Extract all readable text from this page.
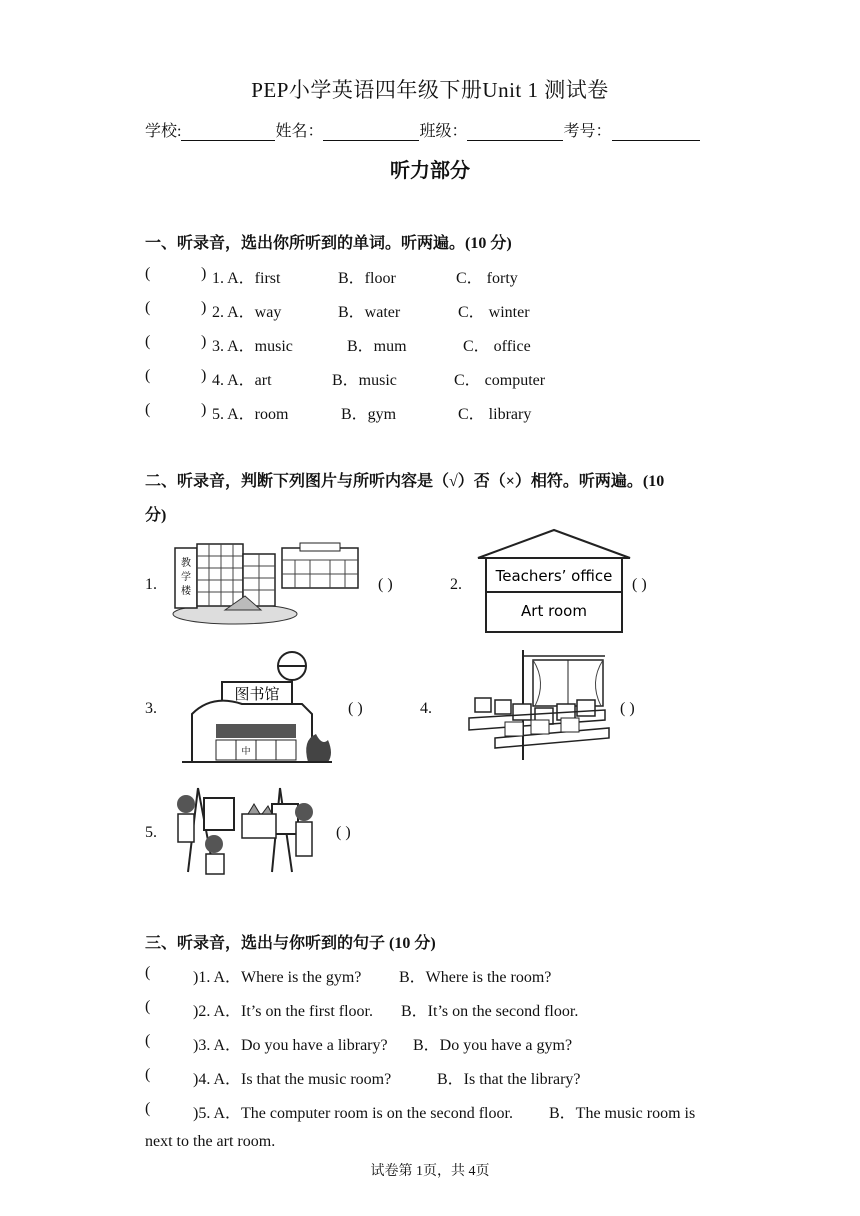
PEP小学英语四年级下册Unit 1 测试卷
学校:	姓名：	班级：	考号：
听力部分
一、听录音，选出你所听到的单词。听两遍。(10 分)
(	) 1. A．first	B．floor	C． forty
(	) 2. A．way	B．water	C． winter
(	) 3. A．music	B．mum	C． office
(	) 4. A．art	B．music	C． computer
(	) 5. A．room	B．gym	C． library
二、听录音，判断下列图片与所听内容是（√）否（×）相符。听两遍。(10
分)
1.
教
学
楼	( )	2. Teachers’ office
Art room
( )
3.
图书馆
中
( )	4.	( )
5.	( )
三、听录音，选出与你听到的句子 (10 分)
(	)1. A．Where is the gym? B．Where is the room?
(	)2. A．It’s on the first floor. B．It’s on the second floor.
(	)3. A．Do you have a library? B．Do you have a gym?
(	)4. A．Is that the music room?	B．Is that the library?
(	)5. A．The computer room is on the second floor. B．The music room is
next to the art room.
试卷第 1页，共 4页
